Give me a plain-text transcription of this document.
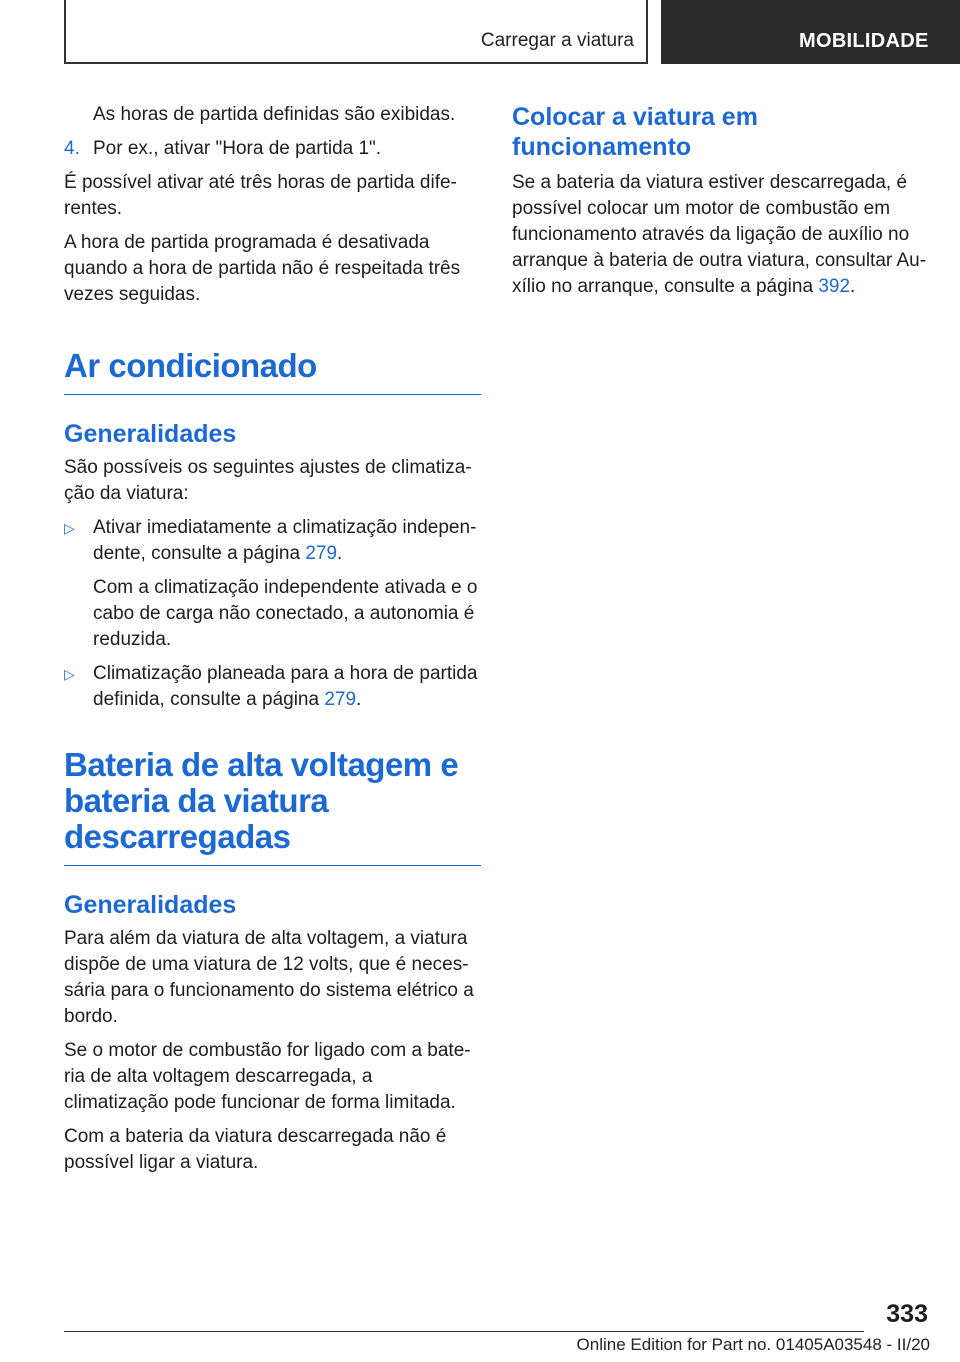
Carregar a viatura	MOBILIDADE

As horas de partida definidas são exibidas.

4. Por ex., ativar "Hora de partida 1".

É possível ativar até três horas de partida dife-rentes.

A hora de partida programada é desativada quando a hora de partida não é respeitada três vezes seguidas.

Ar condicionado
Generalidades

São possíveis os seguintes ajustes de climatiza-ção da viatura:

▷ Ativar imediatamente a climatização indepen-dente, consulte a página 279.
Com a climatização independente ativada e o cabo de carga não conectado, a autonomia é reduzida.
▷ Climatização planeada para a hora de partida definida, consulte a página 279.
Bateria de alta voltagem e bateria da viatura descarregadas
Generalidades

Para além da viatura de alta voltagem, a viatura dispõe de uma viatura de 12 volts, que é neces-sária para o funcionamento do sistema elétrico a bordo.

Se o motor de combustão for ligado com a bate-ria de alta voltagem descarregada, a climatização pode funcionar de forma limitada.

Com a bateria da viatura descarregada não é possível ligar a viatura.

Colocar a viatura em funcionamento

Se a bateria da viatura estiver descarregada, é possível colocar um motor de combustão em funcionamento através da ligação de auxílio no arranque à bateria de outra viatura, consultar Au-xílio no arranque, consulte a página 392.

333
Online Edition for Part no. 01405A03548 - II/20
